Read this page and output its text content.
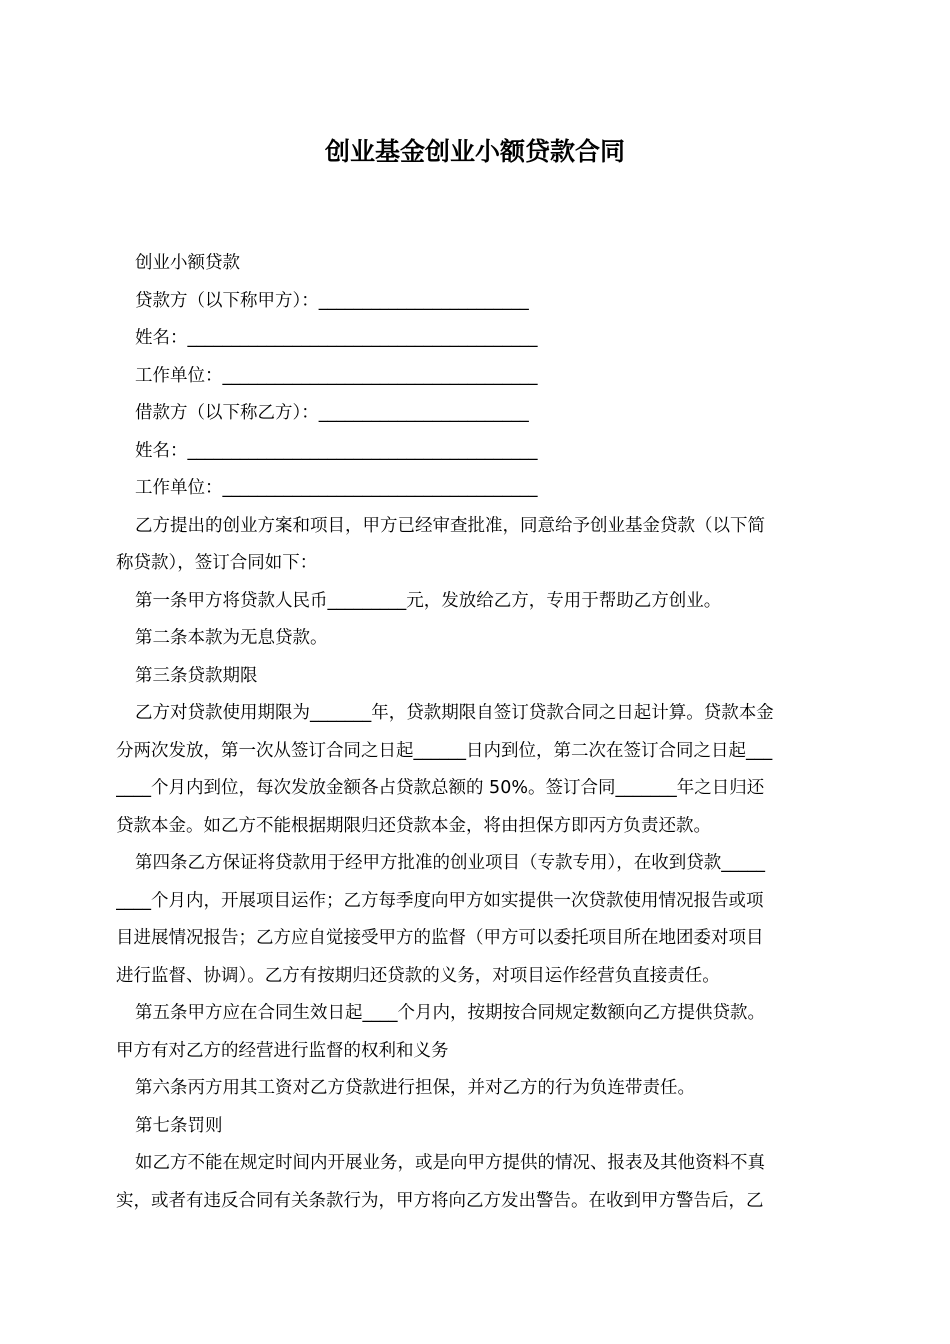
创业基金创业小额贷款合同
创业小额贷款
贷款方（以下称甲方）：________________________
姓名：________________________________________
工作单位：____________________________________
借款方（以下称乙方）：________________________
姓名：________________________________________
工作单位：____________________________________
乙方提出的创业方案和项目，甲方已经审查批准，同意给予创业基金贷款（以下简
称贷款），签订合同如下：
第一条甲方将贷款人民币_________元，发放给乙方，专用于帮助乙方创业。
第二条本款为无息贷款。
第三条贷款期限
乙方对贷款使用期限为_______年，贷款期限自签订贷款合同之日起计算。贷款本金
分两次发放，第一次从签订合同之日起______日内到位，第二次在签订合同之日起___
____个月内到位，每次发放金额各占贷款总额的 50%。签订合同_______年之日归还
贷款本金。如乙方不能根据期限归还贷款本金，将由担保方即丙方负责还款。
第四条乙方保证将贷款用于经甲方批准的创业项目（专款专用），在收到贷款_____
____个月内，开展项目运作；乙方每季度向甲方如实提供一次贷款使用情况报告或项
目进展情况报告；乙方应自觉接受甲方的监督（甲方可以委托项目所在地团委对项目
进行监督、协调）。乙方有按期归还贷款的义务，对项目运作经营负直接责任。
第五条甲方应在合同生效日起____个月内，按期按合同规定数额向乙方提供贷款。
甲方有对乙方的经营进行监督的权利和义务
第六条丙方用其工资对乙方贷款进行担保，并对乙方的行为负连带责任。
第七条罚则
如乙方不能在规定时间内开展业务，或是向甲方提供的情况、报表及其他资料不真
实，或者有违反合同有关条款行为，甲方将向乙方发出警告。在收到甲方警告后，乙
